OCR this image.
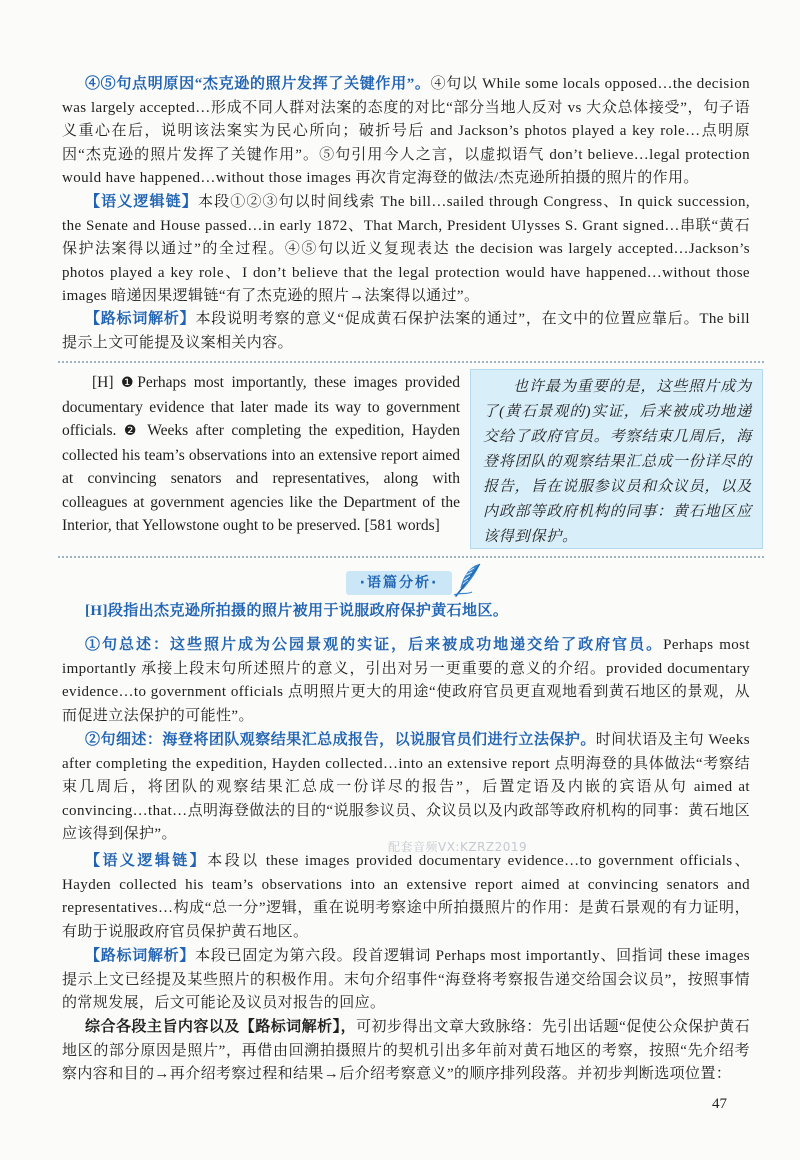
④⑤句点明原因“杰克逊的照片发挥了关键作用”。④句以 While some locals opposed…the decision was largely accepted…形成不同人群对法案的态度的对比“部分当地人反对 vs 大众总体接受”，句子语义重心在后，说明该法案实为民心所向；破折号后 and Jackson’s photos played a key role…点明原因“杰克逊的照片发挥了关键作用”。⑤句引用今人之言，以虚拟语气 don’t believe…legal protection would have happened…without those images 再次肯定海登的做法/杰克逊所拍摄的照片的作用。

【语义逻辑链】本段①②③句以时间线索 The bill…sailed through Congress、In quick succession, the Senate and House passed…in early 1872、That March, President Ulysses S. Grant signed…串联“黄石保护法案得以通过”的全过程。④⑤句以近义复现表达 the decision was largely accepted…Jackson’s photos played a key role、I don’t believe that the legal protection would have happened…without those images 暗递因果逻辑链“有了杰克逊的照片→法案得以通过”。

【路标词解析】本段说明考察的意义“促成黄石保护法案的通过”，在文中的位置应靠后。The bill 提示上文可能提及议案相关内容。

[H] ❶Perhaps most importantly, these images provided documentary evidence that later made its way to government officials. ❷ Weeks after completing the expedition, Hayden collected his team’s observations into an extensive report aimed at convincing senators and representatives, along with colleagues at government agencies like the Department of the Interior, that Yellowstone ought to be preserved. [581 words]

也许最为重要的是，这些照片成为了(黄石景观的)实证，后来被成功地递交给了政府官员。考察结束几周后，海登将团队的观察结果汇总成一份详尽的报告，旨在说服参议员和众议员，以及内政部等政府机构的同事：黄石地区应该得到保护。

·语篇分析·

[H]段指出杰克逊所拍摄的照片被用于说服政府保护黄石地区。

①句总述：这些照片成为公园景观的实证，后来被成功地递交给了政府官员。Perhaps most importantly 承接上段末句所述照片的意义，引出对另一更重要的意义的介绍。provided documentary evidence…to government officials 点明照片更大的用途“使政府官员更直观地看到黄石地区的景观，从而促进立法保护的可能性”。

②句细述：海登将团队观察结果汇总成报告，以说服官员们进行立法保护。时间状语及主句 Weeks after completing the expedition, Hayden collected…into an extensive report 点明海登的具体做法“考察结束几周后，将团队的观察结果汇总成一份详尽的报告”，后置定语及内嵌的宾语从句 aimed at convincing…that…点明海登做法的目的“说服参议员、众议员以及内政部等政府机构的同事：黄石地区应该得到保护”。

配套音频VX:KZRZ2019

【语义逻辑链】本段以 these images provided documentary evidence…to government officials、Hayden collected his team’s observations into an extensive report aimed at convincing senators and representatives…构成“总一分”逻辑，重在说明考察途中所拍摄照片的作用：是黄石景观的有力证明，有助于说服政府官员保护黄石地区。

【路标词解析】本段已固定为第六段。段首逻辑词 Perhaps most importantly、回指词 these images 提示上文已经提及某些照片的积极作用。末句介绍事件“海登将考察报告递交给国会议员”，按照事情的常规发展，后文可能论及议员对报告的回应。

综合各段主旨内容以及【路标词解析】，可初步得出文章大致脉络：先引出话题“促使公众保护黄石地区的部分原因是照片”，再借由回溯拍摄照片的契机引出多年前对黄石地区的考察，按照“先介绍考察内容和目的→再介绍考察过程和结果→后介绍考察意义”的顺序排列段落。并初步判断选项位置：

47
